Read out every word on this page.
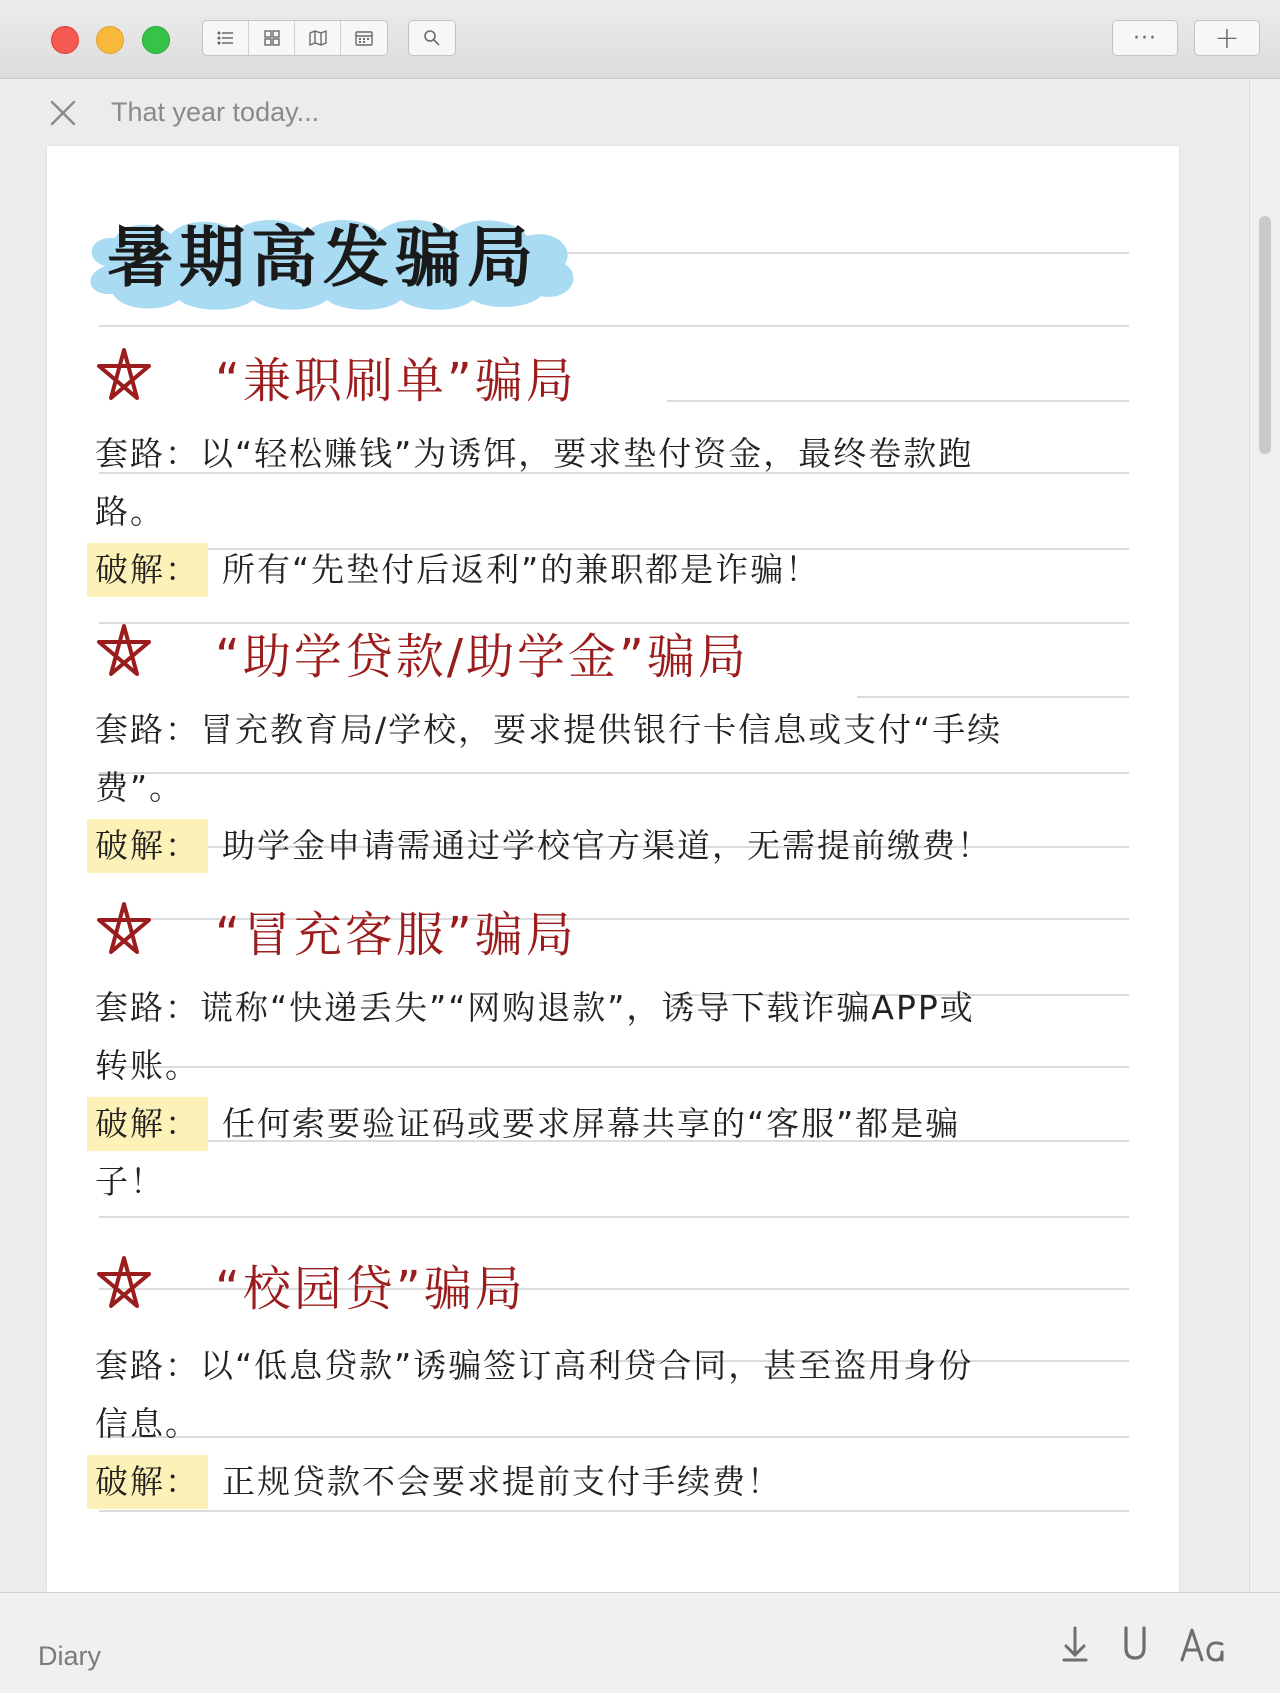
···	+
That year today...
暑期高发骗局
“兼职刷单”骗局
套路：以“轻松赚钱”为诱饵，要求垫付资金，最终卷款跑
路。
破解： 所有“先垫付后返利”的兼职都是诈骗！
“助学贷款/助学金”骗局
套路：冒充教育局/学校，要求提供银行卡信息或支付“手续
费”。
破解： 助学金申请需通过学校官方渠道，无需提前缴费！
“冒充客服”骗局
套路：谎称“快递丢失”“网购退款”，诱导下载诈骗APP或
转账。
破解： 任何索要验证码或要求屏幕共享的“客服”都是骗
子！
“校园贷”骗局
套路：以“低息贷款”诱骗签订高利贷合同，甚至盗用身份
信息。
破解： 正规贷款不会要求提前支付手续费！
Diary
